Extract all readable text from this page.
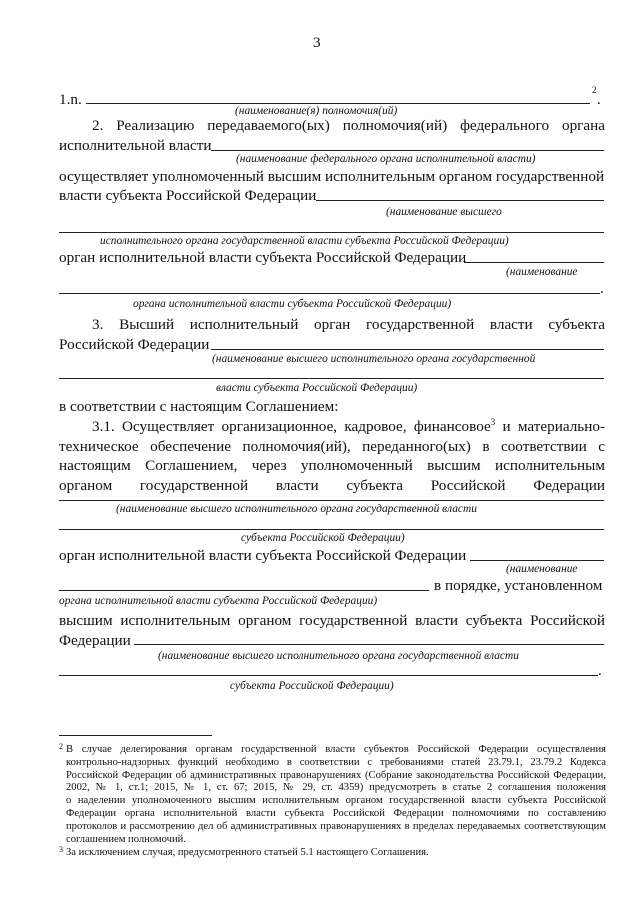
3
1.n.
2
.
(наименование(я) полномочия(ий)
2. Реализацию передаваемого(ых) полномочия(ий) федерального органа
исполнительной власти
(наименование федерального органа исполнительной власти)
осуществляет уполномоченный высшим исполнительным органом государственной
власти субъекта Российской Федерации
(наименование высшего
исполнительного органа государственной власти субъекта Российской Федерации)
орган исполнительной власти субъекта Российской Федерации
(наименование
.
органа исполнительной власти субъекта Российской Федерации)
3. Высший исполнительный орган государственной власти субъекта
Российской Федерации
(наименование высшего исполнительного органа государственной
власти субъекта Российской Федерации)
в соответствии с настоящим Соглашением:
3.1. Осуществляет организационное, кадровое, финансовое$^3$ и материально-
техническое обеспечение полномочия(ий), переданного(ых) в соответствии с
настоящим Соглашением, через уполномоченный высшим исполнительным
органом государственной власти субъекта Российской Федерации
(наименование высшего исполнительного органа государственной власти
субъекта Российской Федерации)
орган исполнительной власти субъекта Российской Федерации
(наименование
в порядке, установленном
органа исполнительной власти субъекта Российской Федерации)
высшим исполнительным органом государственной власти субъекта Российской
Федерации
(наименование высшего исполнительного органа государственной власти
.
субъекта Российской Федерации)
2 В случае делегирования органам государственной власти субъектов Российской Федерации осуществления
контрольно-надзорных функций необходимо в соответствии с требованиями статей 23.79.1, 23.79.2 Кодекса
Российской Федерации об административных правонарушениях (Собрание законодательства Российской Федерации,
2002, № 1, ст.1; 2015, № 1, ст. 67; 2015, № 29, ст. 4359) предусмотреть в статье 2 соглашения положения
о наделении уполномоченного высшим исполнительным органом государственной власти субъекта Российской
Федерации органа исполнительной власти субъекта Российской Федерации полномочиями по составлению
протоколов и рассмотрению дел об административных правонарушениях в пределах передаваемых соответствующим
соглашением полномочий.
3 За исключением случая, предусмотренного статьей 5.1 настоящего Соглашения.
